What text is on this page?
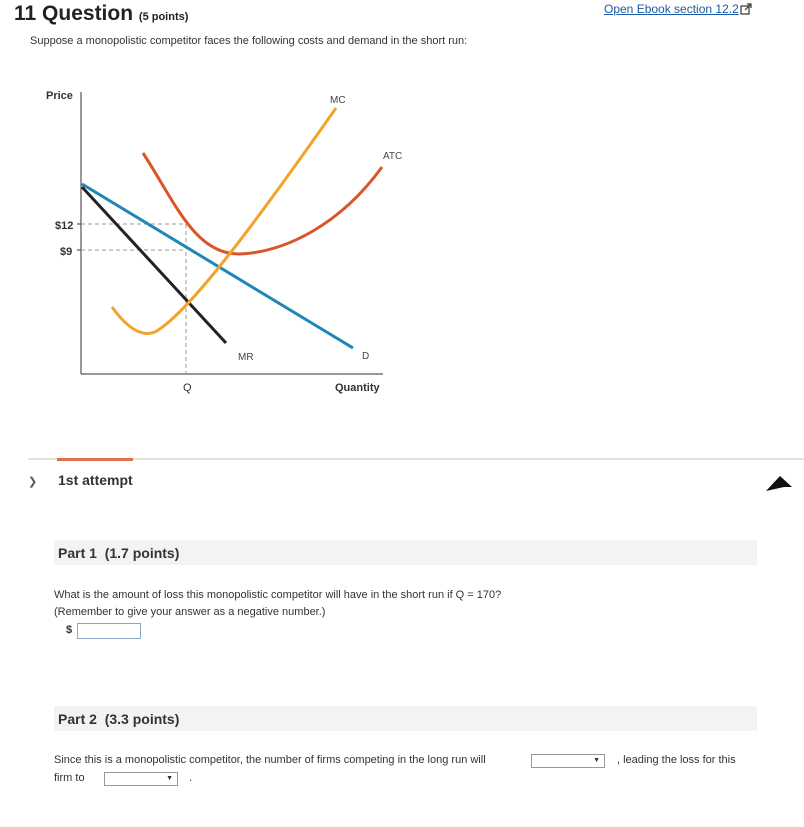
11 Question (5 points)
Open Ebook section 12.2
Suppose a monopolistic competitor faces the following costs and demand in the short run:
Price
Quantity
$12
$9
Q
MC
ATC
MR	D
❯ 1st attempt
Part 1 (1.7 points)
What is the amount of loss this monopolistic competitor will have in the short run if Q = 170?
(Remember to give your answer as a negative number.)
$
Part 2 (3.3 points)
Since this is a monopolistic competitor, the number of firms competing in the long run will	▼ , leading the loss for this
firm to	▼ .
